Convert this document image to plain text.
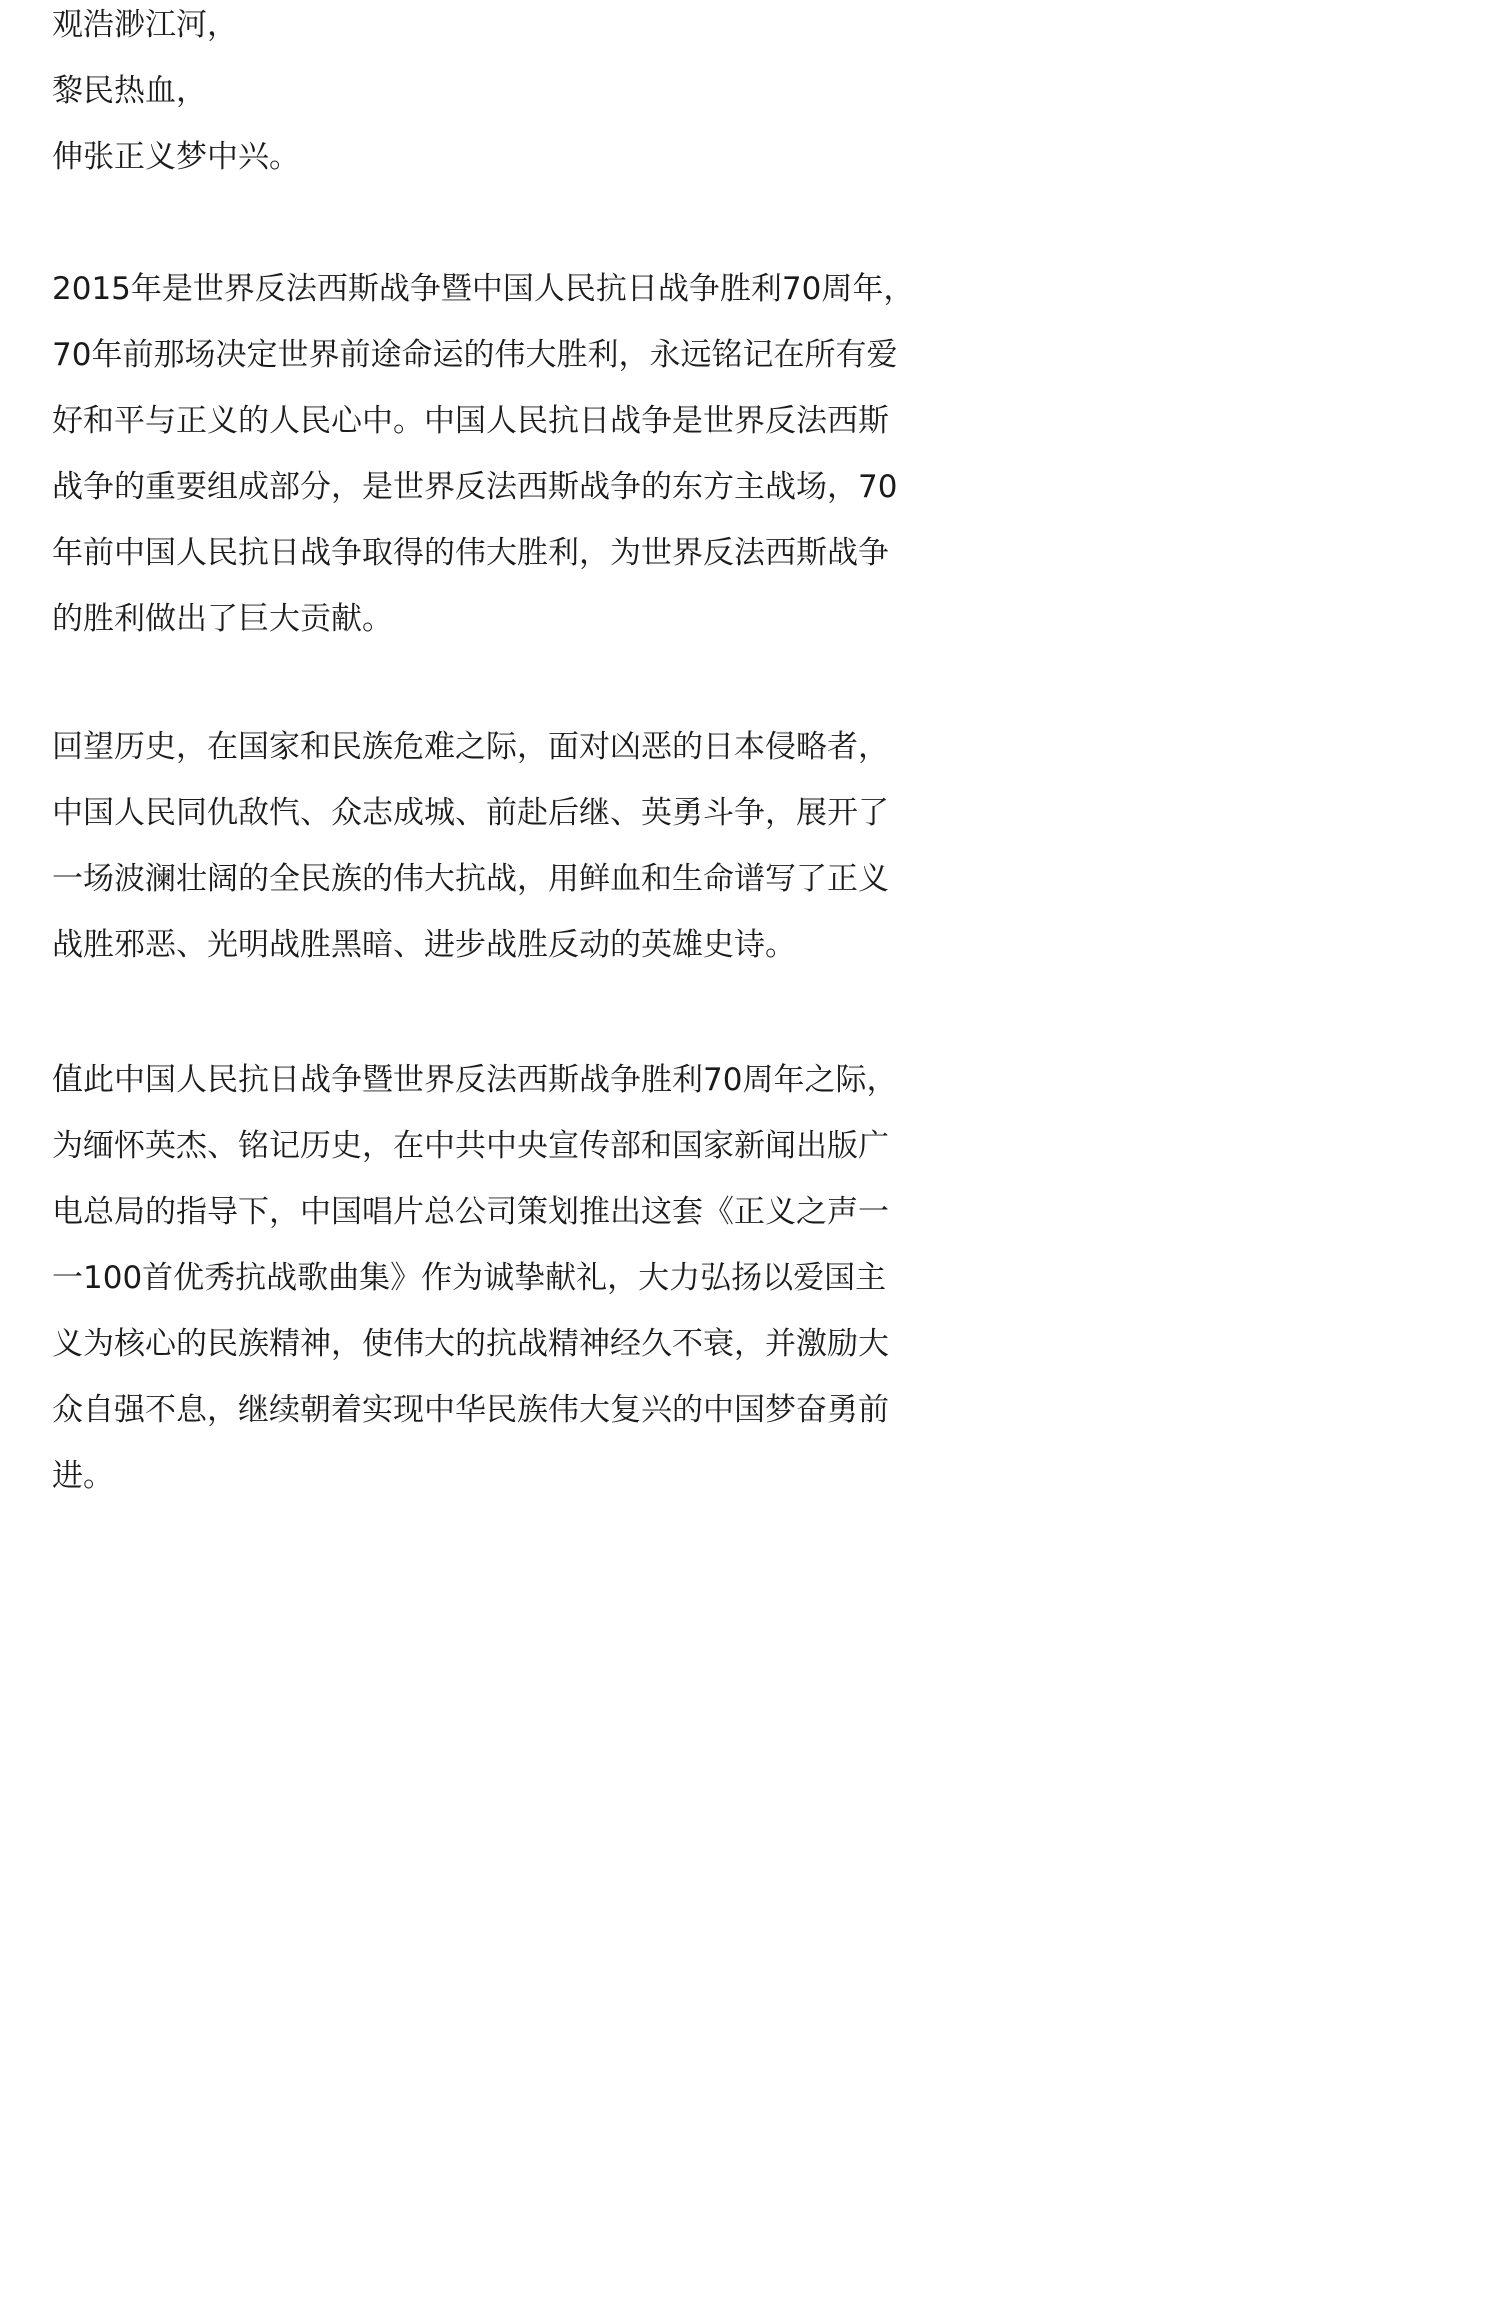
观浩渺江河，
黎民热血，
伸张正义梦中兴。
2015年是世界反法西斯战争暨中国人民抗日战争胜利70周年，
70年前那场决定世界前途命运的伟大胜利，永远铭记在所有爱
好和平与正义的人民心中。中国人民抗日战争是世界反法西斯
战争的重要组成部分，是世界反法西斯战争的东方主战场，70
年前中国人民抗日战争取得的伟大胜利，为世界反法西斯战争
的胜利做出了巨大贡献。
回望历史，在国家和民族危难之际，面对凶恶的日本侵略者，
中国人民同仇敌忾、众志成城、前赴后继、英勇斗争，展开了
一场波澜壮阔的全民族的伟大抗战，用鲜血和生命谱写了正义
战胜邪恶、光明战胜黑暗、进步战胜反动的英雄史诗。
值此中国人民抗日战争暨世界反法西斯战争胜利70周年之际，
为缅怀英杰、铭记历史，在中共中央宣传部和国家新闻出版广
电总局的指导下，中国唱片总公司策划推出这套《正义之声一
一100首优秀抗战歌曲集》作为诚挚献礼，大力弘扬以爱国主
义为核心的民族精神，使伟大的抗战精神经久不衰，并激励大
众自强不息，继续朝着实现中华民族伟大复兴的中国梦奋勇前
进。
